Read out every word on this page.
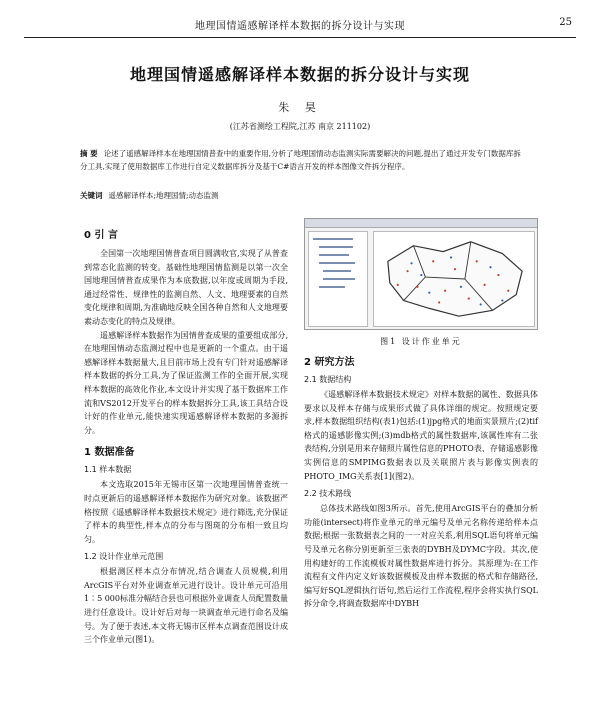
地理国情遥感解译样本数据的拆分设计与实现	25
地理国情遥感解译样本数据的拆分设计与实现
朱 昊
(江苏省测绘工程院,江苏 南京 211102)
摘 要 论述了遥感解译样本在地理国情普查中的重要作用,分析了地理国情动态监测实际需要解决的问题,提出了通过开发专门数据库拆分工具,实现了使用数据库工作进行自定义数据库拆分及基于C#语言开发的样本图像文件拆分程序。
关键词 遥感解译样本;地理国情;动态监测
0 引 言

全国第一次地理国情普查项目圆满收官,实现了从普查到常态化监测的转变。基础性地理国情监测是以第一次全国地理国情普查成果作为本底数据,以年度或周期为手段,通过经常性、规律性的监测自然、人文、地理要素的自然变化规律和周期,为准确地反映全国各种自然和人文地理要素动态变化的特点及规律。

遥感解译样本数据作为国情普查成果的重要组成部分,在地理国情动态监测过程中也是更新的一个重点。由于遥感解译样本数据量大,且目前市场上没有专门针对遥感解译样本数据的拆分工具,为了保证监测工作的全面开展,实现样本数据的高效化作业,本文设计并实现了基于数据库工作流和VS2012开发平台的样本数据拆分工具,该工具结合设计好的作业单元,能快速实现遥感解译样本数据的多源拆分。

1 数据准备
1.1 样本数据

本文选取2015年无锡市区第一次地理国情普查统一时点更新后的遥感解译样本数据作为研究对象。该数据严格按照《遥感解译样本数据技术规定》进行筛选,充分保证了样本的典型性,样本点的分布与图斑的分布相一致且均匀。

1.2 设计作业单元范围

根据测区样本点分布情况,结合调查人员规模,利用ArcGIS平台对外业调查单元进行设计。设计单元可沿用1∶5 000标准分幅结合县也可根据外业调查人员配置数量进行任意设计。设计好后对每一块调查单元进行命名及编号。为了便于表述,本文将无锡市区样本点调查范围设计成三个作业单元(图1)。

图1 设计作业单元
2 研究方法
2.1 数据结构

《遥感解译样本数据技术规定》对样本数据的属性、数据具体要求以及样本存储与成果形式做了具体详细的规定。按照规定要求,样本数据组织结构(表1)包括:(1)jpg格式的地面实景照片;(2)tif格式的遥感影像实例;(3)mdb格式的属性数据库,该属性库有二张表结构,分别是用来存储照片属性信息的PHOTO表、存储遥感影像实例信息的SMPIMG数据表以及关联照片表与影像实例表的PHOTO_IMG关系表[1](图2)。

2.2 技术路线

总体技术路线如图3所示。首先,使用ArcGIS平台的叠加分析功能(intersect)将作业单元的单元编号及单元名称传递给样本点数据;根据一张数据表之间的一一对应关系,利用SQL语句将单元编号及单元名称分别更新至三张表的DYBH及DYMC字段。其次,使用构建好的工作流模板对属性数据库进行拆分。其原理为:在工作流程有文件内定义好该数据模板及由样本数据的格式和存储路径,编写好SQL逻辑执行语句,然后运行工作流程,程序会将实执行SQL拆分命令,将调查数据库中DYBH
